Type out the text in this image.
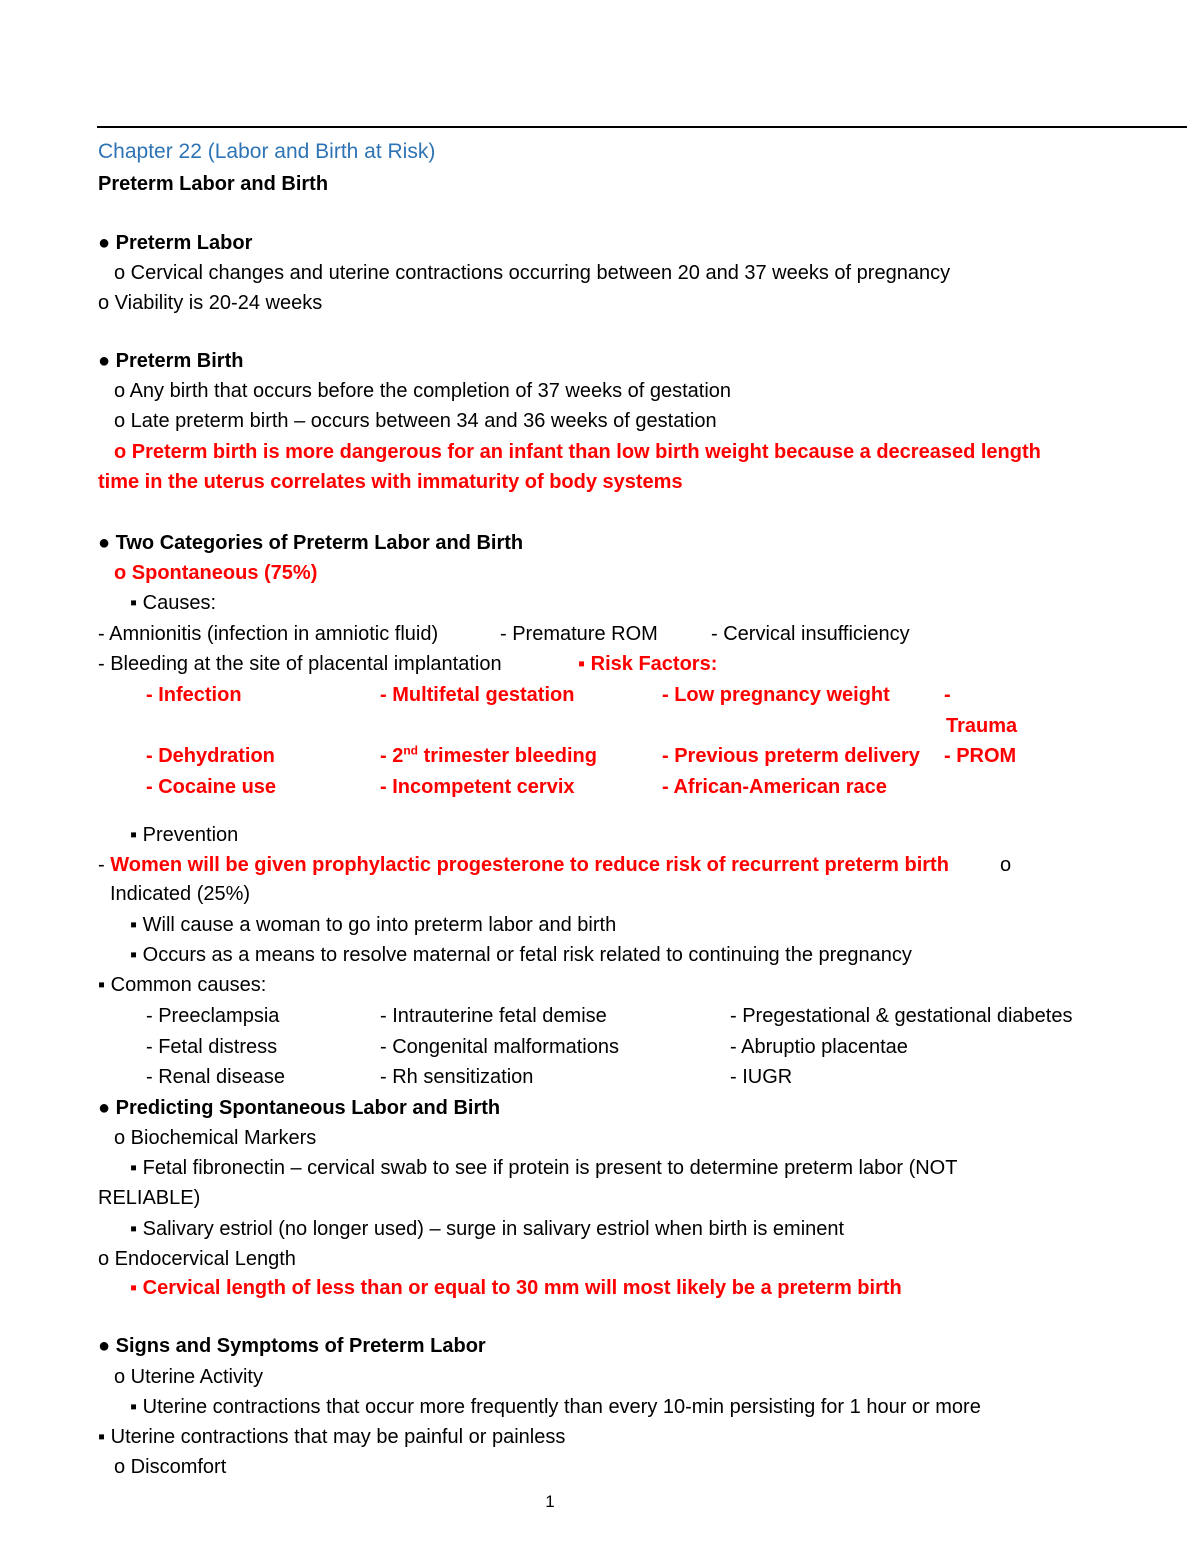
Chapter 22 (Labor and Birth at Risk)
Preterm Labor and Birth
● Preterm Labor
o Cervical changes and uterine contractions occurring between 20 and 37 weeks of pregnancy
o Viability is 20-24 weeks
● Preterm Birth
o Any birth that occurs before the completion of 37 weeks of gestation
o Late preterm birth – occurs between 34 and 36 weeks of gestation
o Preterm birth is more dangerous for an infant than low birth weight because a decreased length
time in the uterus correlates with immaturity of body systems
● Two Categories of Preterm Labor and Birth
o Spontaneous (75%)
▪ Causes:
- Amnionitis (infection in amniotic fluid)	- Premature ROM	- Cervical insufficiency
- Bleeding at the site of placental implantation	▪ Risk Factors:
- Infection	- Multifetal gestation	- Low pregnancy weight	-
Trauma
- Dehydration	- 2nd trimester bleeding	- Previous preterm delivery - PROM
- Cocaine use	- Incompetent cervix	- African-American race
▪ Prevention
- Women will be given prophylactic progesterone to reduce risk of recurrent preterm birth	o
Indicated (25%)
▪ Will cause a woman to go into preterm labor and birth
▪ Occurs as a means to resolve maternal or fetal risk related to continuing the pregnancy
▪ Common causes:
- Preeclampsia	- Intrauterine fetal demise	- Pregestational & gestational diabetes
- Fetal distress	- Congenital malformations	- Abruptio placentae
- Renal disease	- Rh sensitization	- IUGR
● Predicting Spontaneous Labor and Birth
o Biochemical Markers
▪ Fetal fibronectin – cervical swab to see if protein is present to determine preterm labor (NOT
RELIABLE)
▪ Salivary estriol (no longer used) – surge in salivary estriol when birth is eminent
o Endocervical Length
▪ Cervical length of less than or equal to 30 mm will most likely be a preterm birth
● Signs and Symptoms of Preterm Labor
o Uterine Activity
▪ Uterine contractions that occur more frequently than every 10-min persisting for 1 hour or more
▪ Uterine contractions that may be painful or painless
o Discomfort
1
